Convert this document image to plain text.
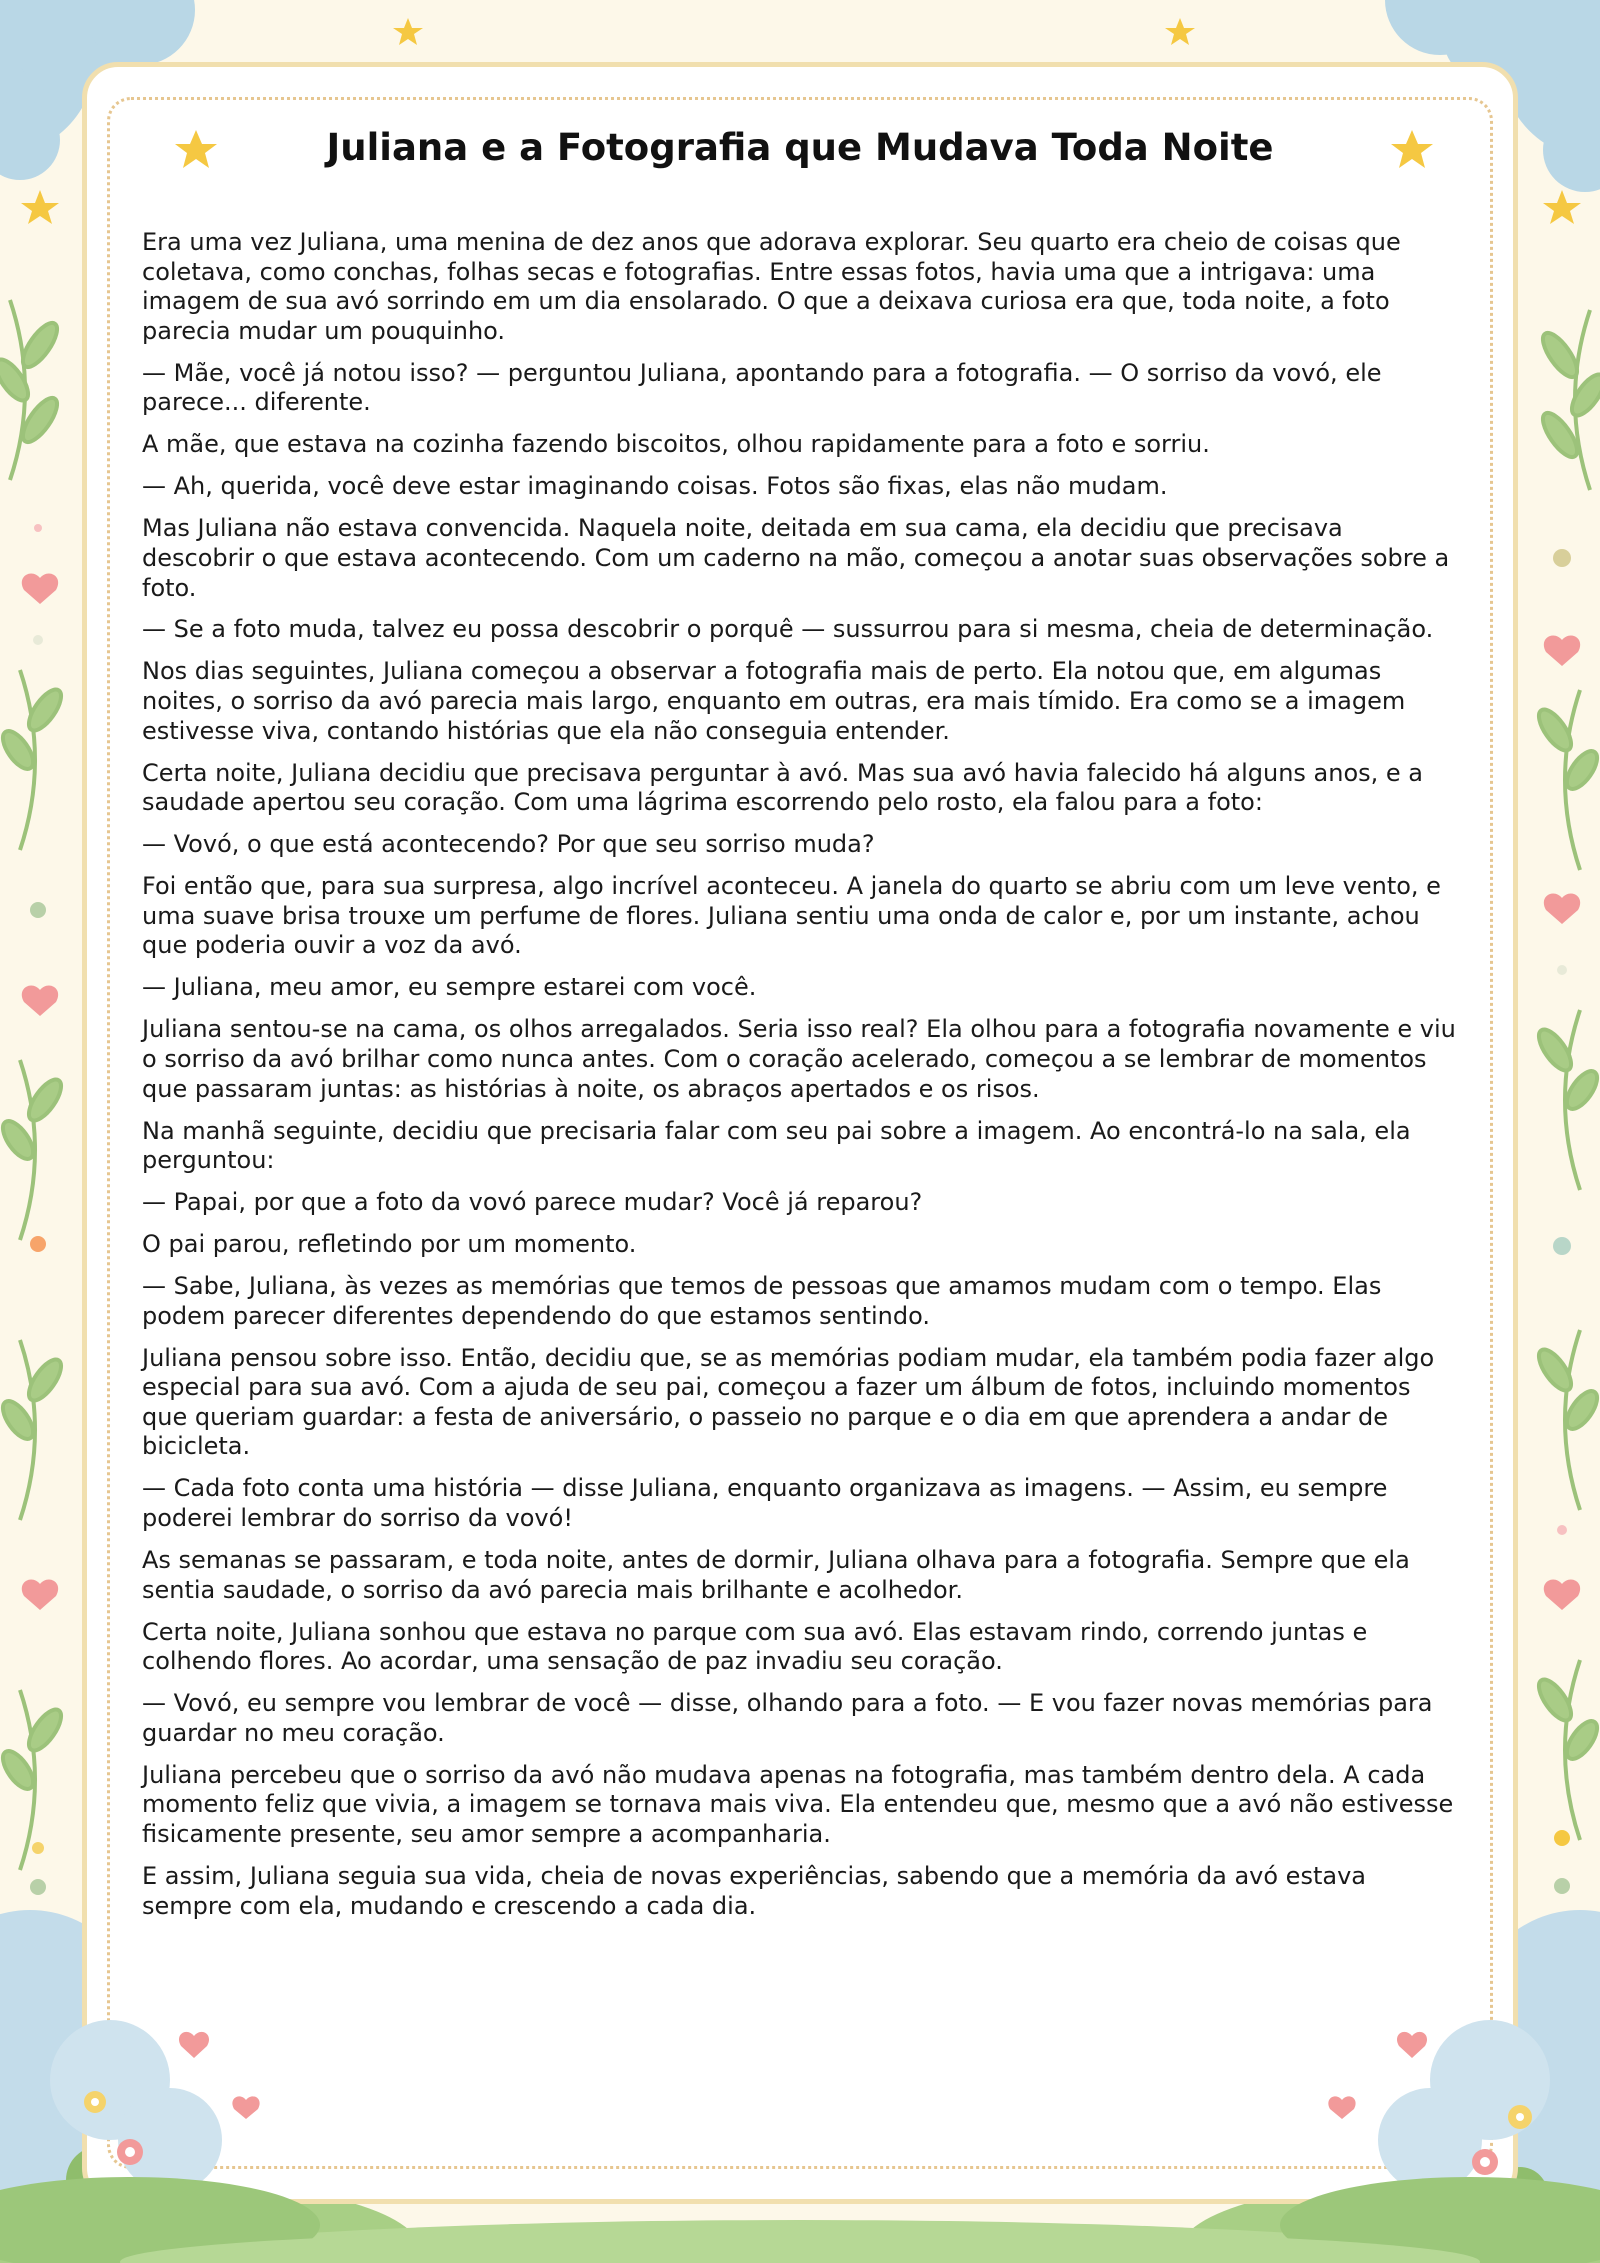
Juliana e a Fotografia que Mudava Toda Noite

Era uma vez Juliana, uma menina de dez anos que adorava explorar. Seu quarto era cheio de coisas que coletava, como conchas, folhas secas e fotografias. Entre essas fotos, havia uma que a intrigava: uma imagem de sua avó sorrindo em um dia ensolarado. O que a deixava curiosa era que, toda noite, a foto parecia mudar um pouquinho.

— Mãe, você já notou isso? — perguntou Juliana, apontando para a fotografia. — O sorriso da vovó, ele parece... diferente.

A mãe, que estava na cozinha fazendo biscoitos, olhou rapidamente para a foto e sorriu.

— Ah, querida, você deve estar imaginando coisas. Fotos são fixas, elas não mudam.

Mas Juliana não estava convencida. Naquela noite, deitada em sua cama, ela decidiu que precisava descobrir o que estava acontecendo. Com um caderno na mão, começou a anotar suas observações sobre a foto.

— Se a foto muda, talvez eu possa descobrir o porquê — sussurrou para si mesma, cheia de determinação.

Nos dias seguintes, Juliana começou a observar a fotografia mais de perto. Ela notou que, em algumas noites, o sorriso da avó parecia mais largo, enquanto em outras, era mais tímido. Era como se a imagem estivesse viva, contando histórias que ela não conseguia entender.

Certa noite, Juliana decidiu que precisava perguntar à avó. Mas sua avó havia falecido há alguns anos, e a saudade apertou seu coração. Com uma lágrima escorrendo pelo rosto, ela falou para a foto:

— Vovó, o que está acontecendo? Por que seu sorriso muda?

Foi então que, para sua surpresa, algo incrível aconteceu. A janela do quarto se abriu com um leve vento, e uma suave brisa trouxe um perfume de flores. Juliana sentiu uma onda de calor e, por um instante, achou que poderia ouvir a voz da avó.

— Juliana, meu amor, eu sempre estarei com você.

Juliana sentou-se na cama, os olhos arregalados. Seria isso real? Ela olhou para a fotografia novamente e viu o sorriso da avó brilhar como nunca antes. Com o coração acelerado, começou a se lembrar de momentos que passaram juntas: as histórias à noite, os abraços apertados e os risos.

Na manhã seguinte, decidiu que precisaria falar com seu pai sobre a imagem. Ao encontrá-lo na sala, ela perguntou:

— Papai, por que a foto da vovó parece mudar? Você já reparou?

O pai parou, refletindo por um momento.

— Sabe, Juliana, às vezes as memórias que temos de pessoas que amamos mudam com o tempo. Elas podem parecer diferentes dependendo do que estamos sentindo.

Juliana pensou sobre isso. Então, decidiu que, se as memórias podiam mudar, ela também podia fazer algo especial para sua avó. Com a ajuda de seu pai, começou a fazer um álbum de fotos, incluindo momentos que queriam guardar: a festa de aniversário, o passeio no parque e o dia em que aprendera a andar de bicicleta.

— Cada foto conta uma história — disse Juliana, enquanto organizava as imagens. — Assim, eu sempre poderei lembrar do sorriso da vovó!

As semanas se passaram, e toda noite, antes de dormir, Juliana olhava para a fotografia. Sempre que ela sentia saudade, o sorriso da avó parecia mais brilhante e acolhedor.

Certa noite, Juliana sonhou que estava no parque com sua avó. Elas estavam rindo, correndo juntas e colhendo flores. Ao acordar, uma sensação de paz invadiu seu coração.

— Vovó, eu sempre vou lembrar de você — disse, olhando para a foto. — E vou fazer novas memórias para guardar no meu coração.

Juliana percebeu que o sorriso da avó não mudava apenas na fotografia, mas também dentro dela. A cada momento feliz que vivia, a imagem se tornava mais viva. Ela entendeu que, mesmo que a avó não estivesse fisicamente presente, seu amor sempre a acompanharia.

E assim, Juliana seguia sua vida, cheia de novas experiências, sabendo que a memória da avó estava sempre com ela, mudando e crescendo a cada dia.
